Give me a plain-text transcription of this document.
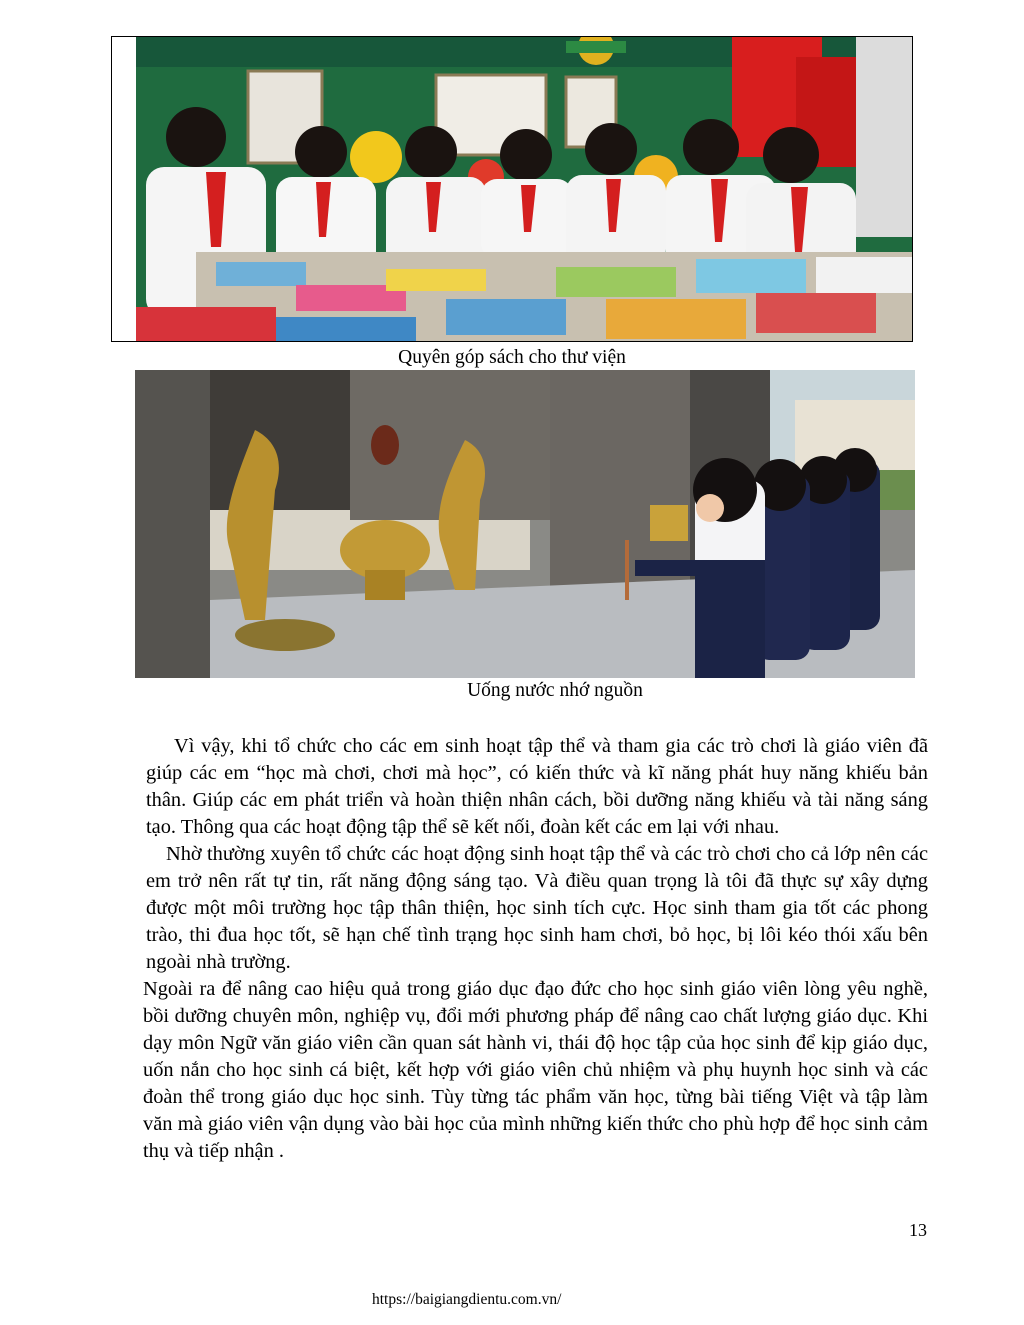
Quyên góp sách cho thư viện
Uống nước nhớ nguồn

Vì vậy, khi tổ chức cho các em sinh hoạt tập thể và tham gia các trò chơi là giáo viên đã giúp các em “học mà chơi, chơi mà học”, có kiến thức và kĩ năng phát huy năng khiếu bản thân. Giúp các em phát triển và hoàn thiện nhân cách, bồi dưỡng năng khiếu và tài năng sáng tạo. Thông qua các hoạt động tập thể sẽ kết nối, đoàn kết các em lại với nhau.

Nhờ thường xuyên tổ chức các hoạt động sinh hoạt tập thể và các trò chơi cho cả lớp nên các em trở nên rất tự tin, rất năng động sáng tạo. Và điều quan trọng là tôi đã thực sự xây dựng được một môi trường học tập thân thiện, học sinh tích cực. Học sinh tham gia tốt các phong trào, thi đua học tốt, sẽ hạn chế tình trạng học sinh ham chơi, bỏ học, bị lôi kéo thói xấu bên ngoài nhà trường.

Ngoài ra để nâng cao hiệu quả trong giáo dục đạo đức cho học sinh giáo viên lòng yêu nghề, bồi dưỡng chuyên môn, nghiệp vụ, đổi mới phương pháp để nâng cao chất lượng giáo dục. Khi dạy môn Ngữ văn giáo viên cần quan sát hành vi, thái độ học tập của học sinh để kịp giáo dục, uốn nắn cho học sinh cá biệt, kết hợp với giáo viên chủ nhiệm và phụ huynh học sinh và các đoàn thể trong giáo dục học sinh. Tùy từng tác phẩm văn học, từng bài tiếng Việt và tập làm văn mà giáo viên vận dụng vào bài học của mình những kiến thức cho phù hợp để học sinh cảm thụ và tiếp nhận .

13
https://baigiangdientu.com.vn/
